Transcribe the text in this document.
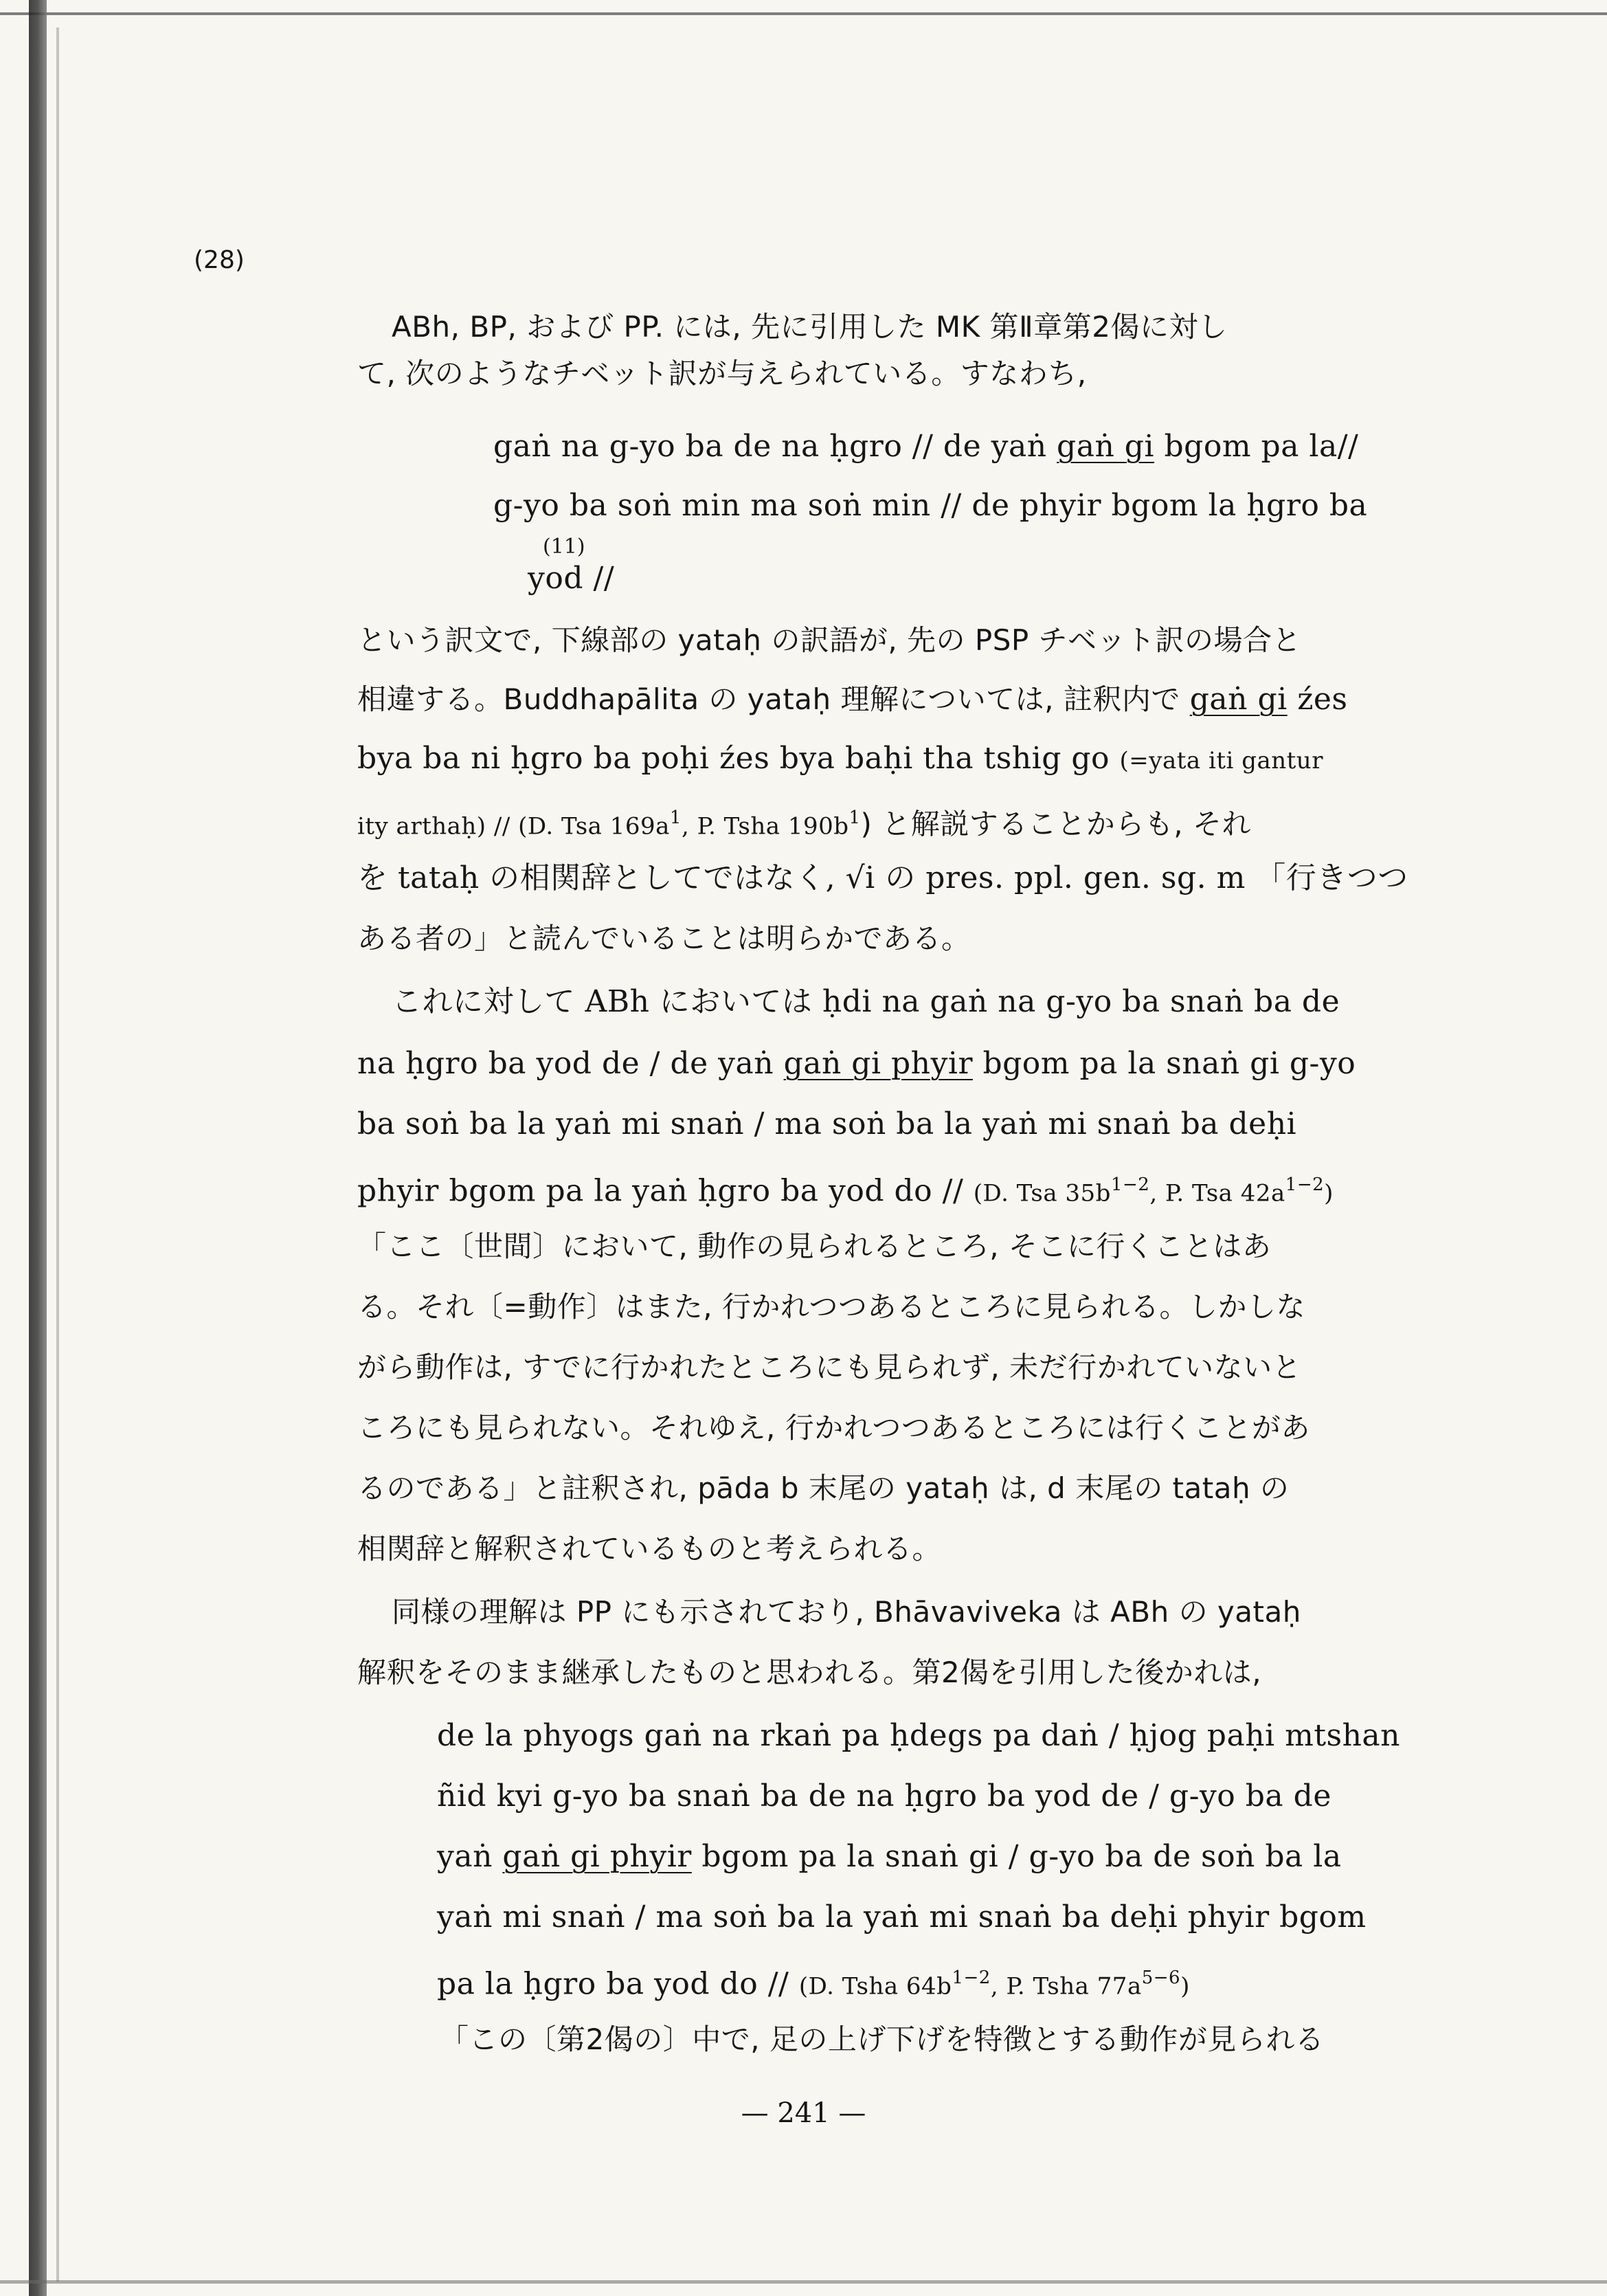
(28)
ABh, BP, および PP. には, 先に引用した MK 第Ⅱ章第2偈に対し
て, 次のようなチベット訳が与えられている。すなわち,
gaṅ na g-yo ba de na ḥgro // de yaṅ gaṅ gi bgom pa la//
g-yo ba soṅ min ma soṅ min // de phyir bgom la ḥgro ba
(11)
yod //
という訳文で, 下線部の yataḥ の訳語が, 先の PSP チベット訳の場合と
相違する。Buddhapālita の yataḥ 理解については, 註釈内で gaṅ gi źes
bya ba ni ḥgro ba poḥi źes bya baḥi tha tshig go (=yata iti gantur
ity arthaḥ) // (D. Tsa $169a^1$, P. Tsha $190b^1$) と解説することからも, それ
を tataḥ の相関辞としてではなく, √i の pres. ppl. gen. sg. m 「行きつつ
ある者の」と読んでいることは明らかである。
これに対して ABh においては ḥdi na gaṅ na g-yo ba snaṅ ba de
na ḥgro ba yod de / de yaṅ gaṅ gi phyir bgom pa la snaṅ gi g-yo
ba soṅ ba la yaṅ mi snaṅ / ma soṅ ba la yaṅ mi snaṅ ba deḥi
phyir bgom pa la yaṅ ḥgro ba yod do // (D. Tsa $35b^{1-2}$, P. Tsa $42a^{1-2}$)
「ここ〔世間〕において, 動作の見られるところ, そこに行くことはあ
る。それ〔=動作〕はまた, 行かれつつあるところに見られる。しかしな
がら動作は, すでに行かれたところにも見られず, 未だ行かれていないと
ころにも見られない。それゆえ, 行かれつつあるところには行くことがあ
るのである」と註釈され, pāda b 末尾の yataḥ は, d 末尾の tataḥ の
相関辞と解釈されているものと考えられる。
同様の理解は PP にも示されており, Bhāvaviveka は ABh の yataḥ
解釈をそのまま継承したものと思われる。第2偈を引用した後かれは,
de la phyogs gaṅ na rkaṅ pa ḥdegs pa daṅ / ḥjog paḥi mtshan
ñid kyi g-yo ba snaṅ ba de na ḥgro ba yod de / g-yo ba de
yaṅ gaṅ gi phyir bgom pa la snaṅ gi / g-yo ba de soṅ ba la
yaṅ mi snaṅ / ma soṅ ba la yaṅ mi snaṅ ba deḥi phyir bgom
pa la ḥgro ba yod do // (D. Tsha $64b^{1-2}$, P. Tsha $77a^{5-6}$)
「この〔第2偈の〕中で, 足の上げ下げを特徴とする動作が見られる
— 241 —
